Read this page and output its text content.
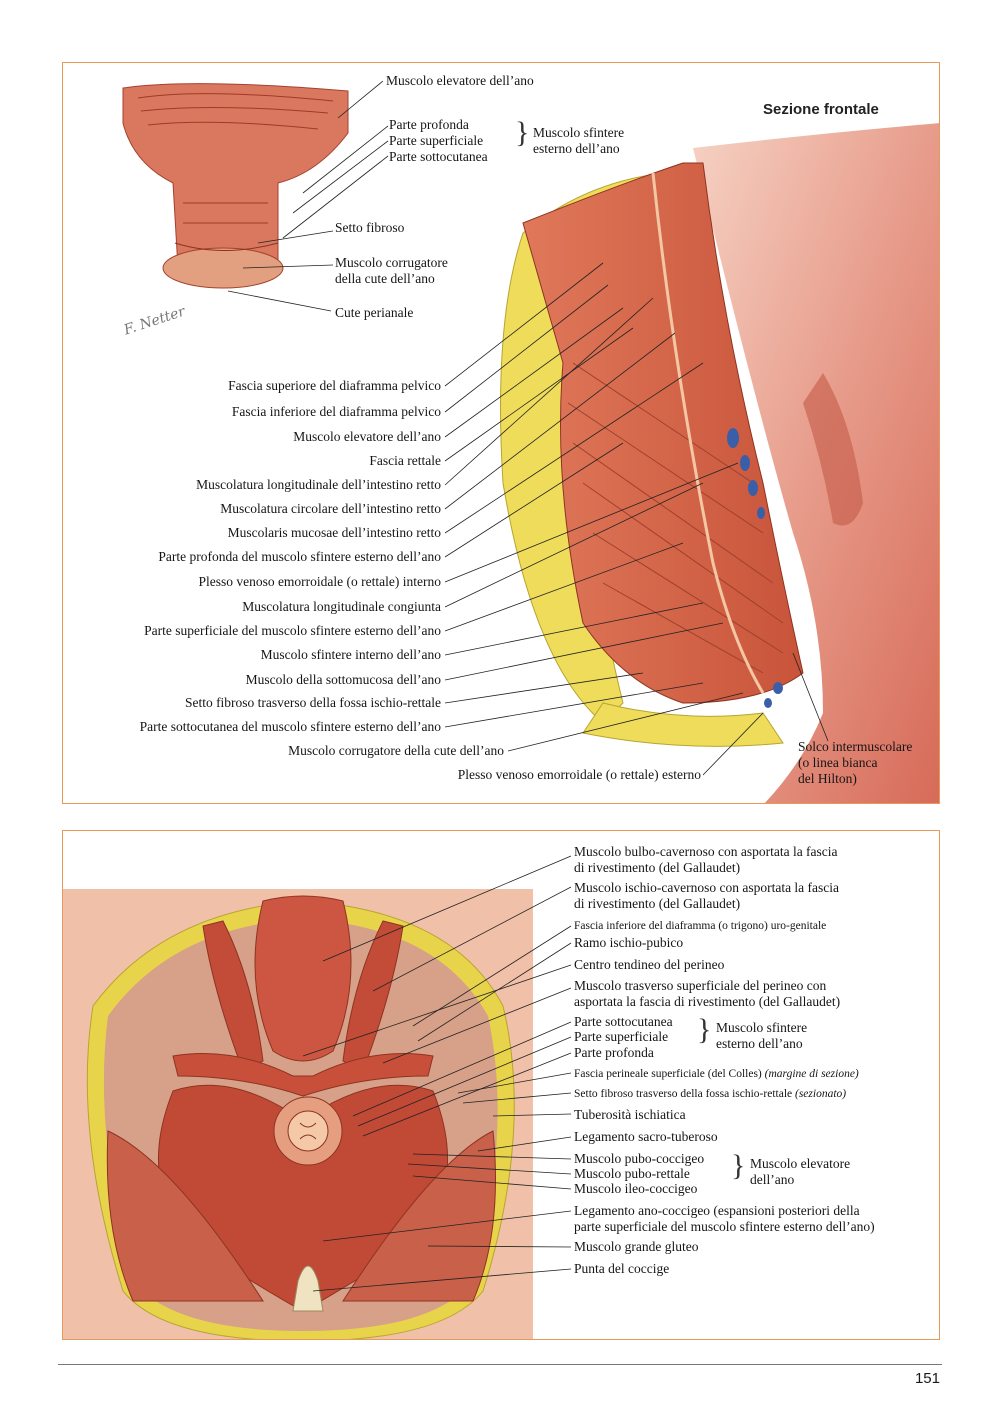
Sezione frontale
Muscolo elevatore dell’ano
Parte profonda
Parte superficiale
Parte sottocutanea
} Muscolo sfintere
esterno dell’ano
Setto fibroso
Muscolo corrugatore
della cute dell’ano
Cute perianale
F. Netter
Fascia superiore del diaframma pelvico
Fascia inferiore del diaframma pelvico
Muscolo elevatore dell’ano
Fascia rettale
Muscolatura longitudinale dell’intestino retto
Muscolatura circolare dell’intestino retto
Muscolaris mucosae dell’intestino retto
Parte profonda del muscolo sfintere esterno dell’ano
Plesso venoso emorroidale (o rettale) interno
Muscolatura longitudinale congiunta
Parte superficiale del muscolo sfintere esterno dell’ano
Muscolo sfintere interno dell’ano
Muscolo della sottomucosa dell’ano
Setto fibroso trasverso della fossa ischio-rettale
Parte sottocutanea del muscolo sfintere esterno dell’ano
Muscolo corrugatore della cute dell’ano
Plesso venoso emorroidale (o rettale) esterno
Solco intermuscolare
(o linea bianca
del Hilton)
Muscolo bulbo-cavernoso con asportata la fascia
di rivestimento (del Gallaudet)
Muscolo ischio-cavernoso con asportata la fascia
di rivestimento (del Gallaudet)
Fascia inferiore del diaframma (o trigono) uro-genitale
Ramo ischio-pubico
Centro tendineo del perineo
Muscolo trasverso superficiale del perineo con
asportata la fascia di rivestimento (del Gallaudet)
Parte sottocutanea
Parte superficiale
Parte profonda
} Muscolo sfintere
esterno dell’ano
Fascia perineale superficiale (del Colles) (margine di sezione)
Setto fibroso trasverso della fossa ischio-rettale (sezionato)
Tuberosità ischiatica
Legamento sacro-tuberoso
Muscolo pubo-coccigeo
Muscolo pubo-rettale
Muscolo ileo-coccigeo
} Muscolo elevatore
dell’ano
Legamento ano-coccigeo (espansioni posteriori della
parte superficiale del muscolo sfintere esterno dell’ano)
Muscolo grande gluteo
Punta del coccige
151
